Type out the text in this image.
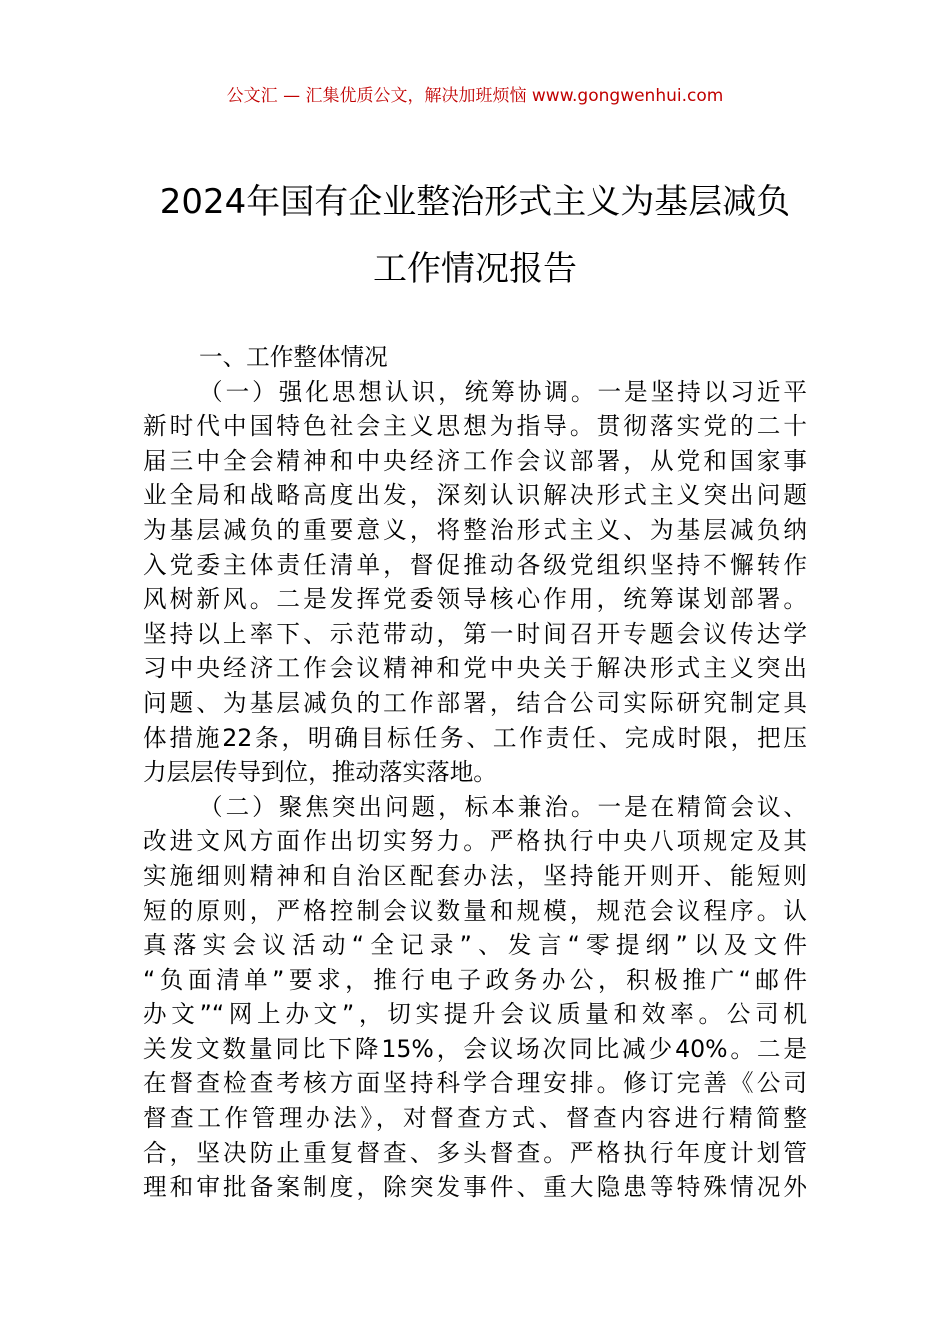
公文汇 — 汇集优质公文，解决加班烦恼 www.gongwenhui.com
2024年国有企业整治形式主义为基层减负
工作情况报告
一、工作整体情况
（一）强化思想认识，统筹协调。一是坚持以习近平
新时代中国特色社会主义思想为指导。贯彻落实党的二十
届三中全会精神和中央经济工作会议部署，从党和国家事
业全局和战略高度出发，深刻认识解决形式主义突出问题
为基层减负的重要意义，将整治形式主义、为基层减负纳
入党委主体责任清单，督促推动各级党组织坚持不懈转作
风树新风。二是发挥党委领导核心作用，统筹谋划部署。
坚持以上率下、示范带动，第一时间召开专题会议传达学
习中央经济工作会议精神和党中央关于解决形式主义突出
问题、为基层减负的工作部署，结合公司实际研究制定具
体措施22条，明确目标任务、工作责任、完成时限，把压
力层层传导到位，推动落实落地。
（二）聚焦突出问题，标本兼治。一是在精简会议、
改进文风方面作出切实努力。严格执行中央八项规定及其
实施细则精神和自治区配套办法，坚持能开则开、能短则
短的原则，严格控制会议数量和规模，规范会议程序。认
真落实会议活动“全记录”、发言“零提纲”以及文件
“负面清单”要求，推行电子政务办公，积极推广“邮件
办文”“网上办文”，切实提升会议质量和效率。公司机
关发文数量同比下降15%，会议场次同比减少40%。二是
在督查检查考核方面坚持科学合理安排。修订完善《公司
督查工作管理办法》，对督查方式、督查内容进行精简整
合，坚决防止重复督查、多头督查。严格执行年度计划管
理和审批备案制度，除突发事件、重大隐患等特殊情况外
